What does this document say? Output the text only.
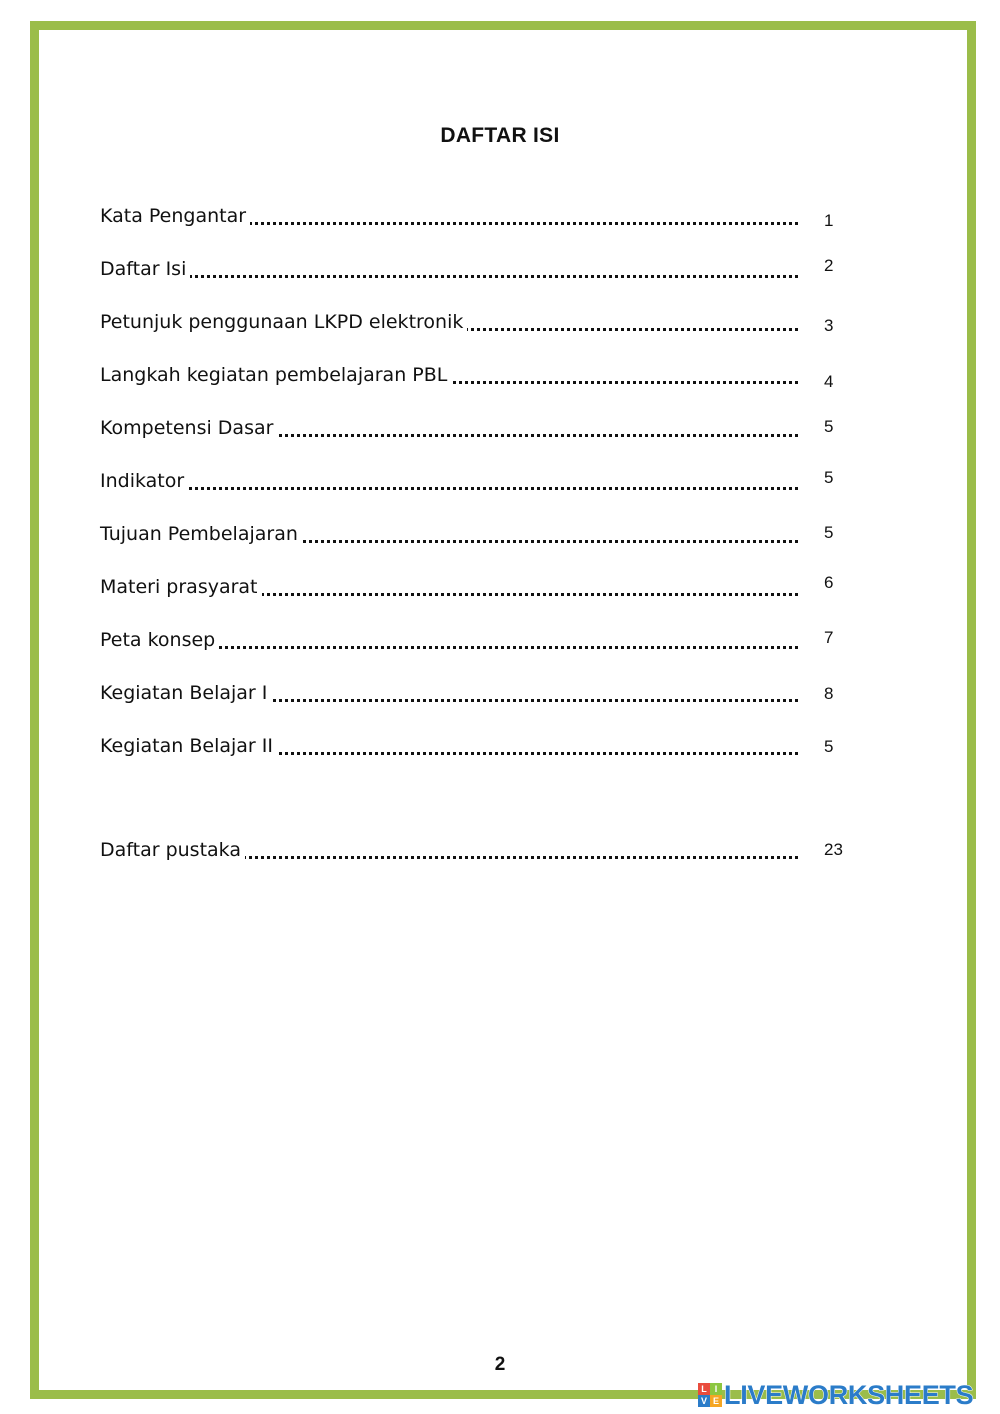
DAFTAR ISI
Kata Pengantar	1
Daftar Isi	2
Petunjuk penggunaan LKPD elektronik	3
Langkah kegiatan pembelajaran PBL	4
Kompetensi Dasar	5
Indikator	5
Tujuan Pembelajaran	5
Materi prasyarat	6
Peta konsep	7
Kegiatan Belajar I	8
Kegiatan Belajar II	5
Daftar pustaka	23
2
L I
V E LIVEWORKSHEETS
